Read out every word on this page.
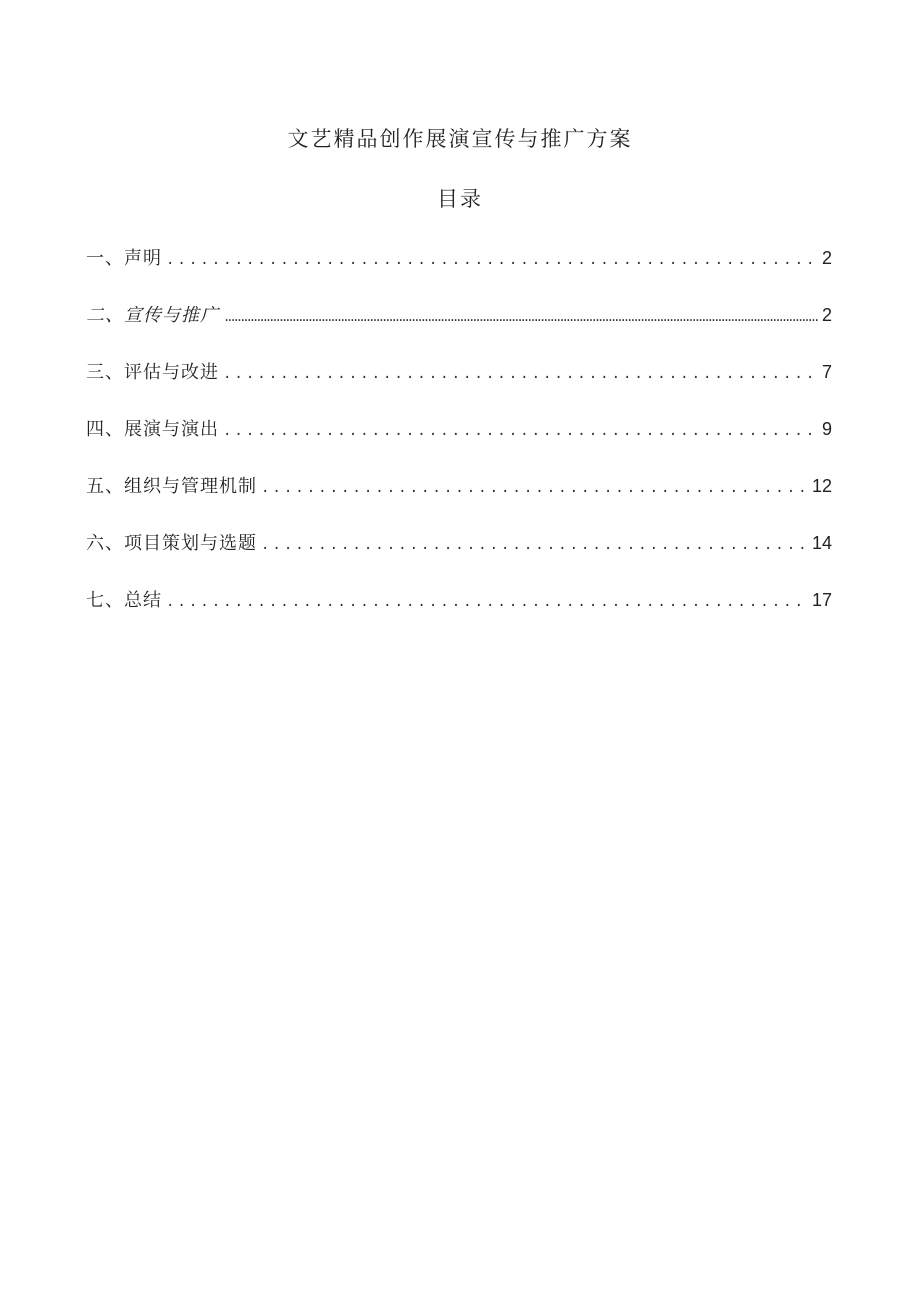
文艺精品创作展演宣传与推广方案
目录
一、声明 .....	2
二、宣传与推广 .....	2
三、评估与改进 .....	7
四、展演与演出 .....	9
五、组织与管理机制 .....	12
六、项目策划与选题 .....	14
七、总结 .....	17
